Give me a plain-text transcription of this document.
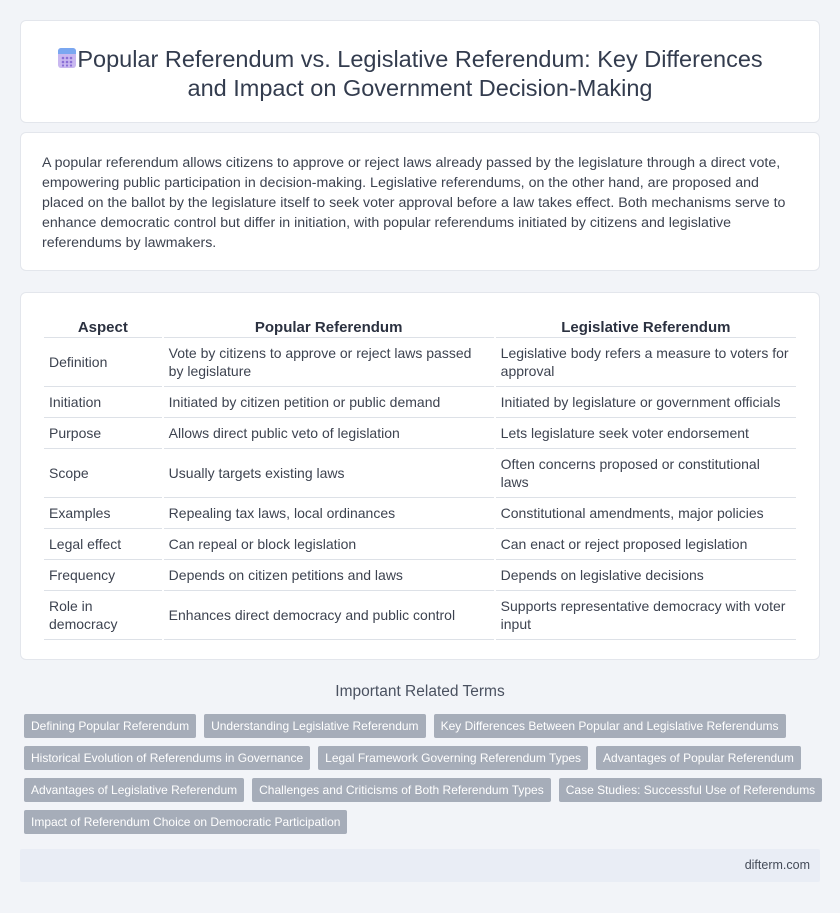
Popular Referendum vs. Legislative Referendum: Key Differences and Impact on Government Decision-Making

A popular referendum allows citizens to approve or reject laws already passed by the legislature through a direct vote, empowering public participation in decision-making. Legislative referendums, on the other hand, are proposed and placed on the ballot by the legislature itself to seek voter approval before a law takes effect. Both mechanisms serve to enhance democratic control but differ in initiation, with popular referendums initiated by citizens and legislative referendums by lawmakers.

Aspect	Popular Referendum	Legislative Referendum
Definition	Vote by citizens to approve or reject laws passed by legislature	Legislative body refers a measure to voters for approval
Initiation	Initiated by citizen petition or public demand	Initiated by legislature or government officials
Purpose	Allows direct public veto of legislation	Lets legislature seek voter endorsement
Scope	Usually targets existing laws	Often concerns proposed or constitutional laws
Examples	Repealing tax laws, local ordinances	Constitutional amendments, major policies
Legal effect	Can repeal or block legislation	Can enact or reject proposed legislation
Frequency	Depends on citizen petitions and laws	Depends on legislative decisions
Role in democracy	Enhances direct democracy and public control	Supports representative democracy with voter input
Important Related Terms
Defining Popular Referendum	Understanding Legislative Referendum	Key Differences Between Popular and Legislative Referendums
Historical Evolution of Referendums in Governance	Legal Framework Governing Referendum Types	Advantages of Popular Referendum
Advantages of Legislative Referendum	Challenges and Criticisms of Both Referendum Types	Case Studies: Successful Use of Referendums
Impact of Referendum Choice on Democratic Participation
difterm.com
